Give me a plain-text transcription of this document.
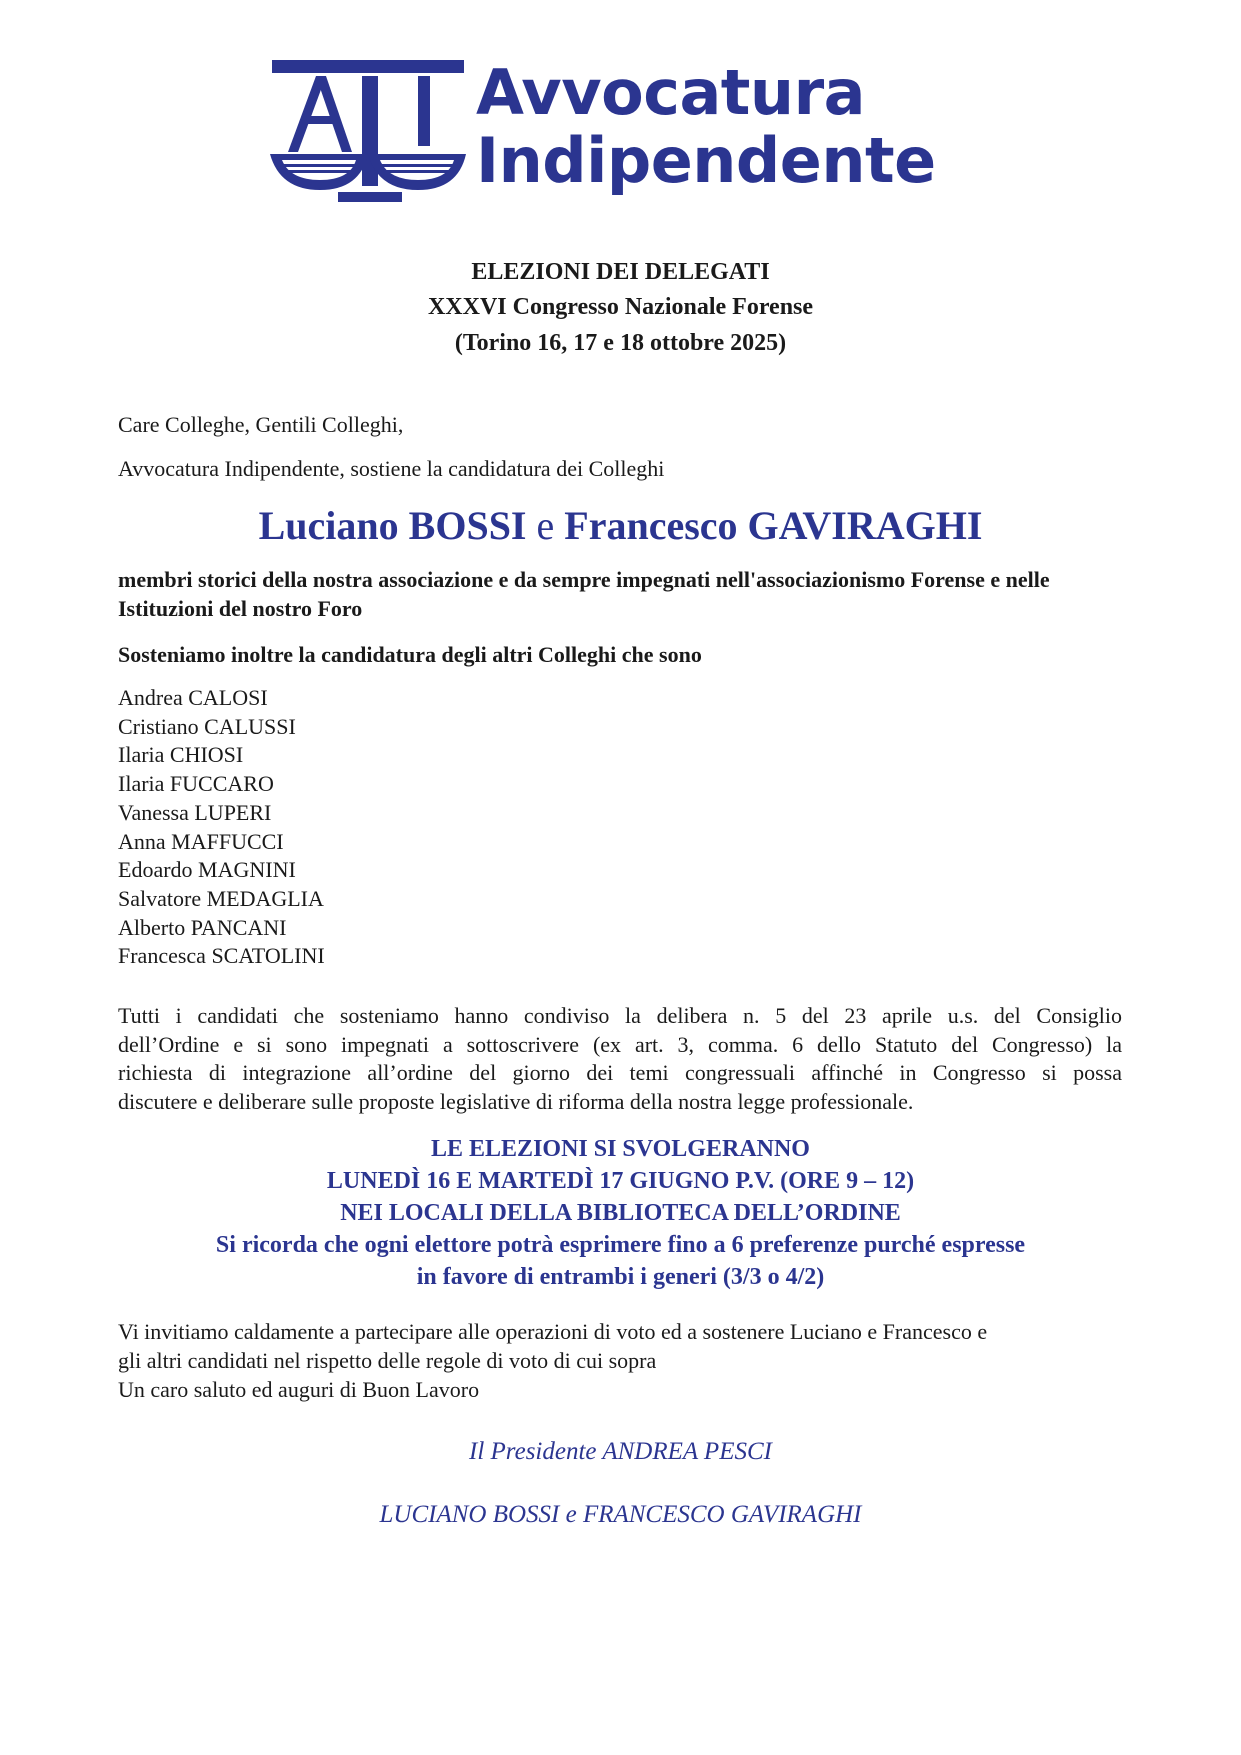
Avvocatura
Indipendente
ELEZIONI DEI DELEGATI
XXXVI Congresso Nazionale Forense
(Torino 16, 17 e 18 ottobre 2025)
Care Colleghe, Gentili Colleghi,
Avvocatura Indipendente, sostiene la candidatura dei Colleghi
Luciano BOSSI e Francesco GAVIRAGHI
membri storici della nostra associazione e da sempre impegnati nell'associazionismo Forense e nelle Istituzioni del nostro Foro
Sosteniamo inoltre la candidatura degli altri Colleghi che sono
Andrea CALOSI
Cristiano CALUSSI
Ilaria CHIOSI
Ilaria FUCCARO
Vanessa LUPERI
Anna MAFFUCCI
Edoardo MAGNINI
Salvatore MEDAGLIA
Alberto PANCANI
Francesca SCATOLINI
Tutti i candidati che sosteniamo hanno condiviso la delibera n. 5 del 23 aprile u.s. del Consiglio
dell’Ordine e si sono impegnati a sottoscrivere (ex art. 3, comma. 6 dello Statuto del Congresso) la
richiesta di integrazione all’ordine del giorno dei temi congressuali affinché in Congresso si possa
discutere e deliberare sulle proposte legislative di riforma della nostra legge professionale.
LE ELEZIONI SI SVOLGERANNO
LUNEDÌ 16 E MARTEDÌ 17 GIUGNO P.V. (ORE 9 – 12)
NEI LOCALI DELLA BIBLIOTECA DELL’ORDINE
Si ricorda che ogni elettore potrà esprimere fino a 6 preferenze purché espresse
in favore di entrambi i generi (3/3 o 4/2)
Vi invitiamo caldamente a partecipare alle operazioni di voto ed a sostenere Luciano e Francesco e
gli altri candidati nel rispetto delle regole di voto di cui sopra
Un caro saluto ed auguri di Buon Lavoro
Il Presidente ANDREA PESCI
LUCIANO BOSSI e FRANCESCO GAVIRAGHI
